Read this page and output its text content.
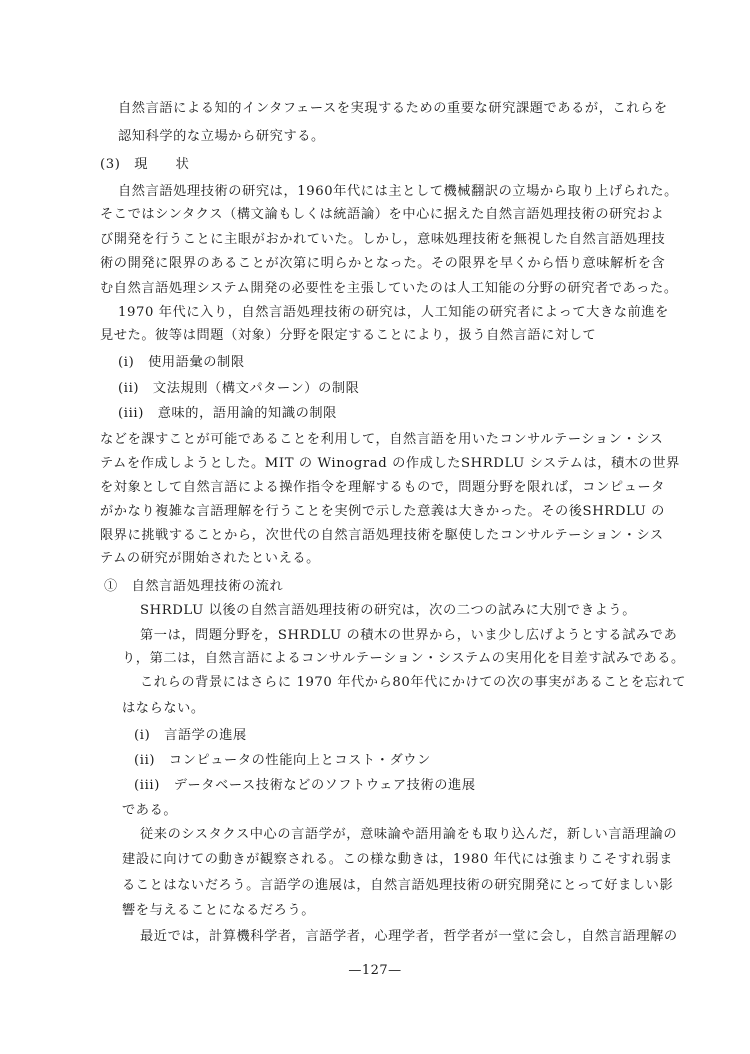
自然言語による知的インタフェースを実現するための重要な研究課題であるが，これらを
認知科学的な立場から研究する。
(3)　現　　状
自然言語処理技術の研究は，1960年代には主として機械翻訳の立場から取り上げられた。
そこではシンタクス（構文論もしくは統語論）を中心に据えた自然言語処理技術の研究およ
び開発を行うことに主眼がおかれていた。しかし，意味処理技術を無視した自然言語処理技
術の開発に限界のあることが次第に明らかとなった。その限界を早くから悟り意味解析を含
む自然言語処理システム開発の必要性を主張していたのは人工知能の分野の研究者であった。
1970 年代に入り，自然言語処理技術の研究は，人工知能の研究者によって大きな前進を
見せた。彼等は問題（対象）分野を限定することにより，扱う自然言語に対して
(i)　使用語彙の制限
(ii)　文法規則（構文パターン）の制限
(iii)　意味的，語用論的知識の制限
などを課すことが可能であることを利用して，自然言語を用いたコンサルテーション・シス
テムを作成しようとした。MIT の Winograd の作成したSHRDLU システムは，積木の世界
を対象として自然言語による操作指令を理解するもので，問題分野を限れば，コンピュータ
がかなり複雑な言語理解を行うことを実例で示した意義は大きかった。その後SHRDLU の
限界に挑戦することから，次世代の自然言語処理技術を駆使したコンサルテーション・シス
テムの研究が開始されたといえる。
①　自然言語処理技術の流れ
SHRDLU 以後の自然言語処理技術の研究は，次の二つの試みに大別できよう。
第一は，問題分野を，SHRDLU の積木の世界から，いま少し広げようとする試みであ
り，第二は，自然言語によるコンサルテーション・システムの実用化を目差す試みである。
これらの背景にはさらに 1970 年代から80年代にかけての次の事実があることを忘れて
はならない。
(i)　言語学の進展
(ii)　コンピュータの性能向上とコスト・ダウン
(iii)　データベース技術などのソフトウェア技術の進展
である。
従来のシスタクス中心の言語学が，意味論や語用論をも取り込んだ，新しい言語理論の
建設に向けての動きが観察される。この様な動きは，1980 年代には強まりこそすれ弱ま
ることはないだろう。言語学の進展は，自然言語処理技術の研究開発にとって好ましい影
響を与えることになるだろう。
最近では，計算機科学者，言語学者，心理学者，哲学者が一堂に会し，自然言語理解の
—127—
